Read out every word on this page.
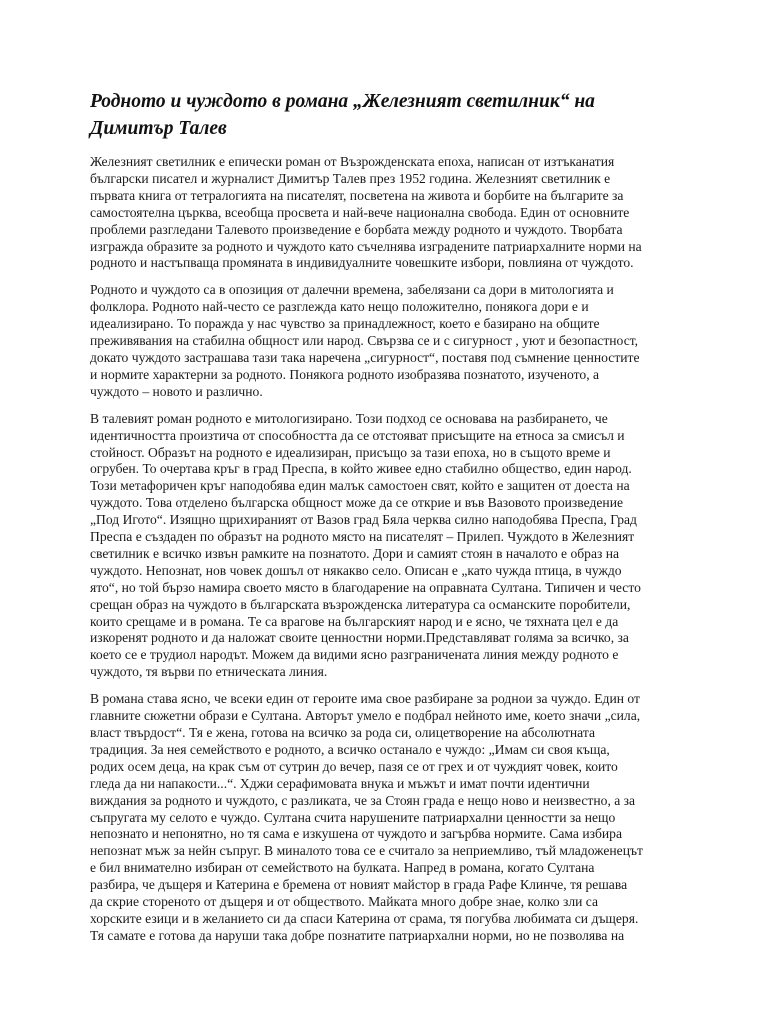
Родното и чуждото в романа „Железният светилник“ на
Димитър Талев

Железният светилник е епически роман от Възрожденската епоха, написан от изтъканатия
български писател и журналист Димитър Талев през 1952 година. Железният светилник е
първата книга от тетралогията на писателят, посветена на живота и борбите на българите за
самостоятелна църква, всеобща просвета и най-вече национална свобода. Един от основните
проблеми разгледани Талевото произведение е борбата между родното и чуждото. Творбата
изгражда образите за родното и чуждото като съчелнява изградените патриархалните норми на
родното и настъпваща промяната в индивидуалните човешките избори, повлияна от чуждото.

Родното и чуждото са в опозиция от далечни времена, забелязани са дори в митологията и
фолклора. Родното най-често се разглежда като нещо положително, понякога дори е и
идеализирано. То поражда у нас чувство за принадлежност, което е базирано на общите
преживявания на стабилна общност или народ. Свързва се и с сигурност , уют и безопастност,
докато чуждото застрашава тази така наречена „сигурност“, поставя под съмнение ценностите
и нормите характерни за родното. Понякога родното изобразява познатото, изученото, а
чуждото – новото и различно.

В талевият роман родното е митологизирано. Този подход се основава на разбирането, че
идентичността произтича от способността да се отстояват присъщите на етноса за смисъл и
стойност. Образът на родното е идеализиран, присъщо за тази епоха, но в същото време и
огрубен. То очертава кръг в град Преспа, в който живее едно стабилно общество, един народ.
Този метафоричен кръг наподобява един малък самостоен свят, който е защитен от доеста на
чуждото. Това отделено българска общност може да се открие и във Вазовото произведение
„Под Игото“. Изящно щрихираният от Вазов град Бяла черква силно наподобява Преспа, Град
Преспа е създаден по образът на родното място на писателят – Прилеп. Чуждото в Железният
светилник е всичко извън рамките на познатото. Дори и самият стоян в началото е образ на
чуждото. Непознат, нов човек дошъл от някакво село. Описан е „като чужда птица, в чуждо
ято“, но той бързо намира своето място в благодарение на оправната Султана. Типичен и често
срещан образ на чуждото в българската възрожденска литература са османските поробители,
които срещаме и в романа. Те са врагове на българският народ и е ясно, че тяхната цел е да
изкоренят родното и да наложат своите ценностни норми.Представляват голяма за всичко, за
което се е трудиол народът. Можем да видими ясно разграничената линия между родното е
чуждото, тя върви по етническата линия.

В романа става ясно, че всеки един от героите има свое разбиране за роднои за чуждо. Един от
главните сюжетни образи е Султана. Авторът умело е подбрал нейното име, което значи „сила,
власт твърдост“. Тя е жена, готова на всичко за рода си, олицетворение на абсолютната
традиция. За нея семейството е родното, а всичко останало е чуждо: „Имам си своя къща,
родих осем деца, на крак съм от сутрин до вечер, пазя се от грех и от чуждият човек, които
гледа да ни напакости...“. Хджи серафимовата внука и мъжът и имат почти идентични
виждания за родното и чуждото, с разликата, че за Стоян града е нещо ново и неизвестно, а за
съпругата му селото е чуждо. Султана счита нарушените патриархални ценностти за нещо
непознато и непонятно, но тя сама е изкушена от чуждото и загърбва нормите. Сама избира
непознат мъж за нейн съпруг. В миналото това се е считало за неприемливо, тъй младоженецът
е бил внимателно избиран от семейството на булката. Напред в романа, когато Султана
разбира, че дъщеря и Катерина е бремена от новият майстор в града Рафе Клинче, тя решава
да скрие стореното от дъщеря и от обществото. Майката много добре знае, колко зли са
хорските езици и в желанието си да спаси Катерина от срама, тя погубва любимата си дъщеря.
Тя самате е готова да наруши така добре познатите патриархални норми, но не позволява на
